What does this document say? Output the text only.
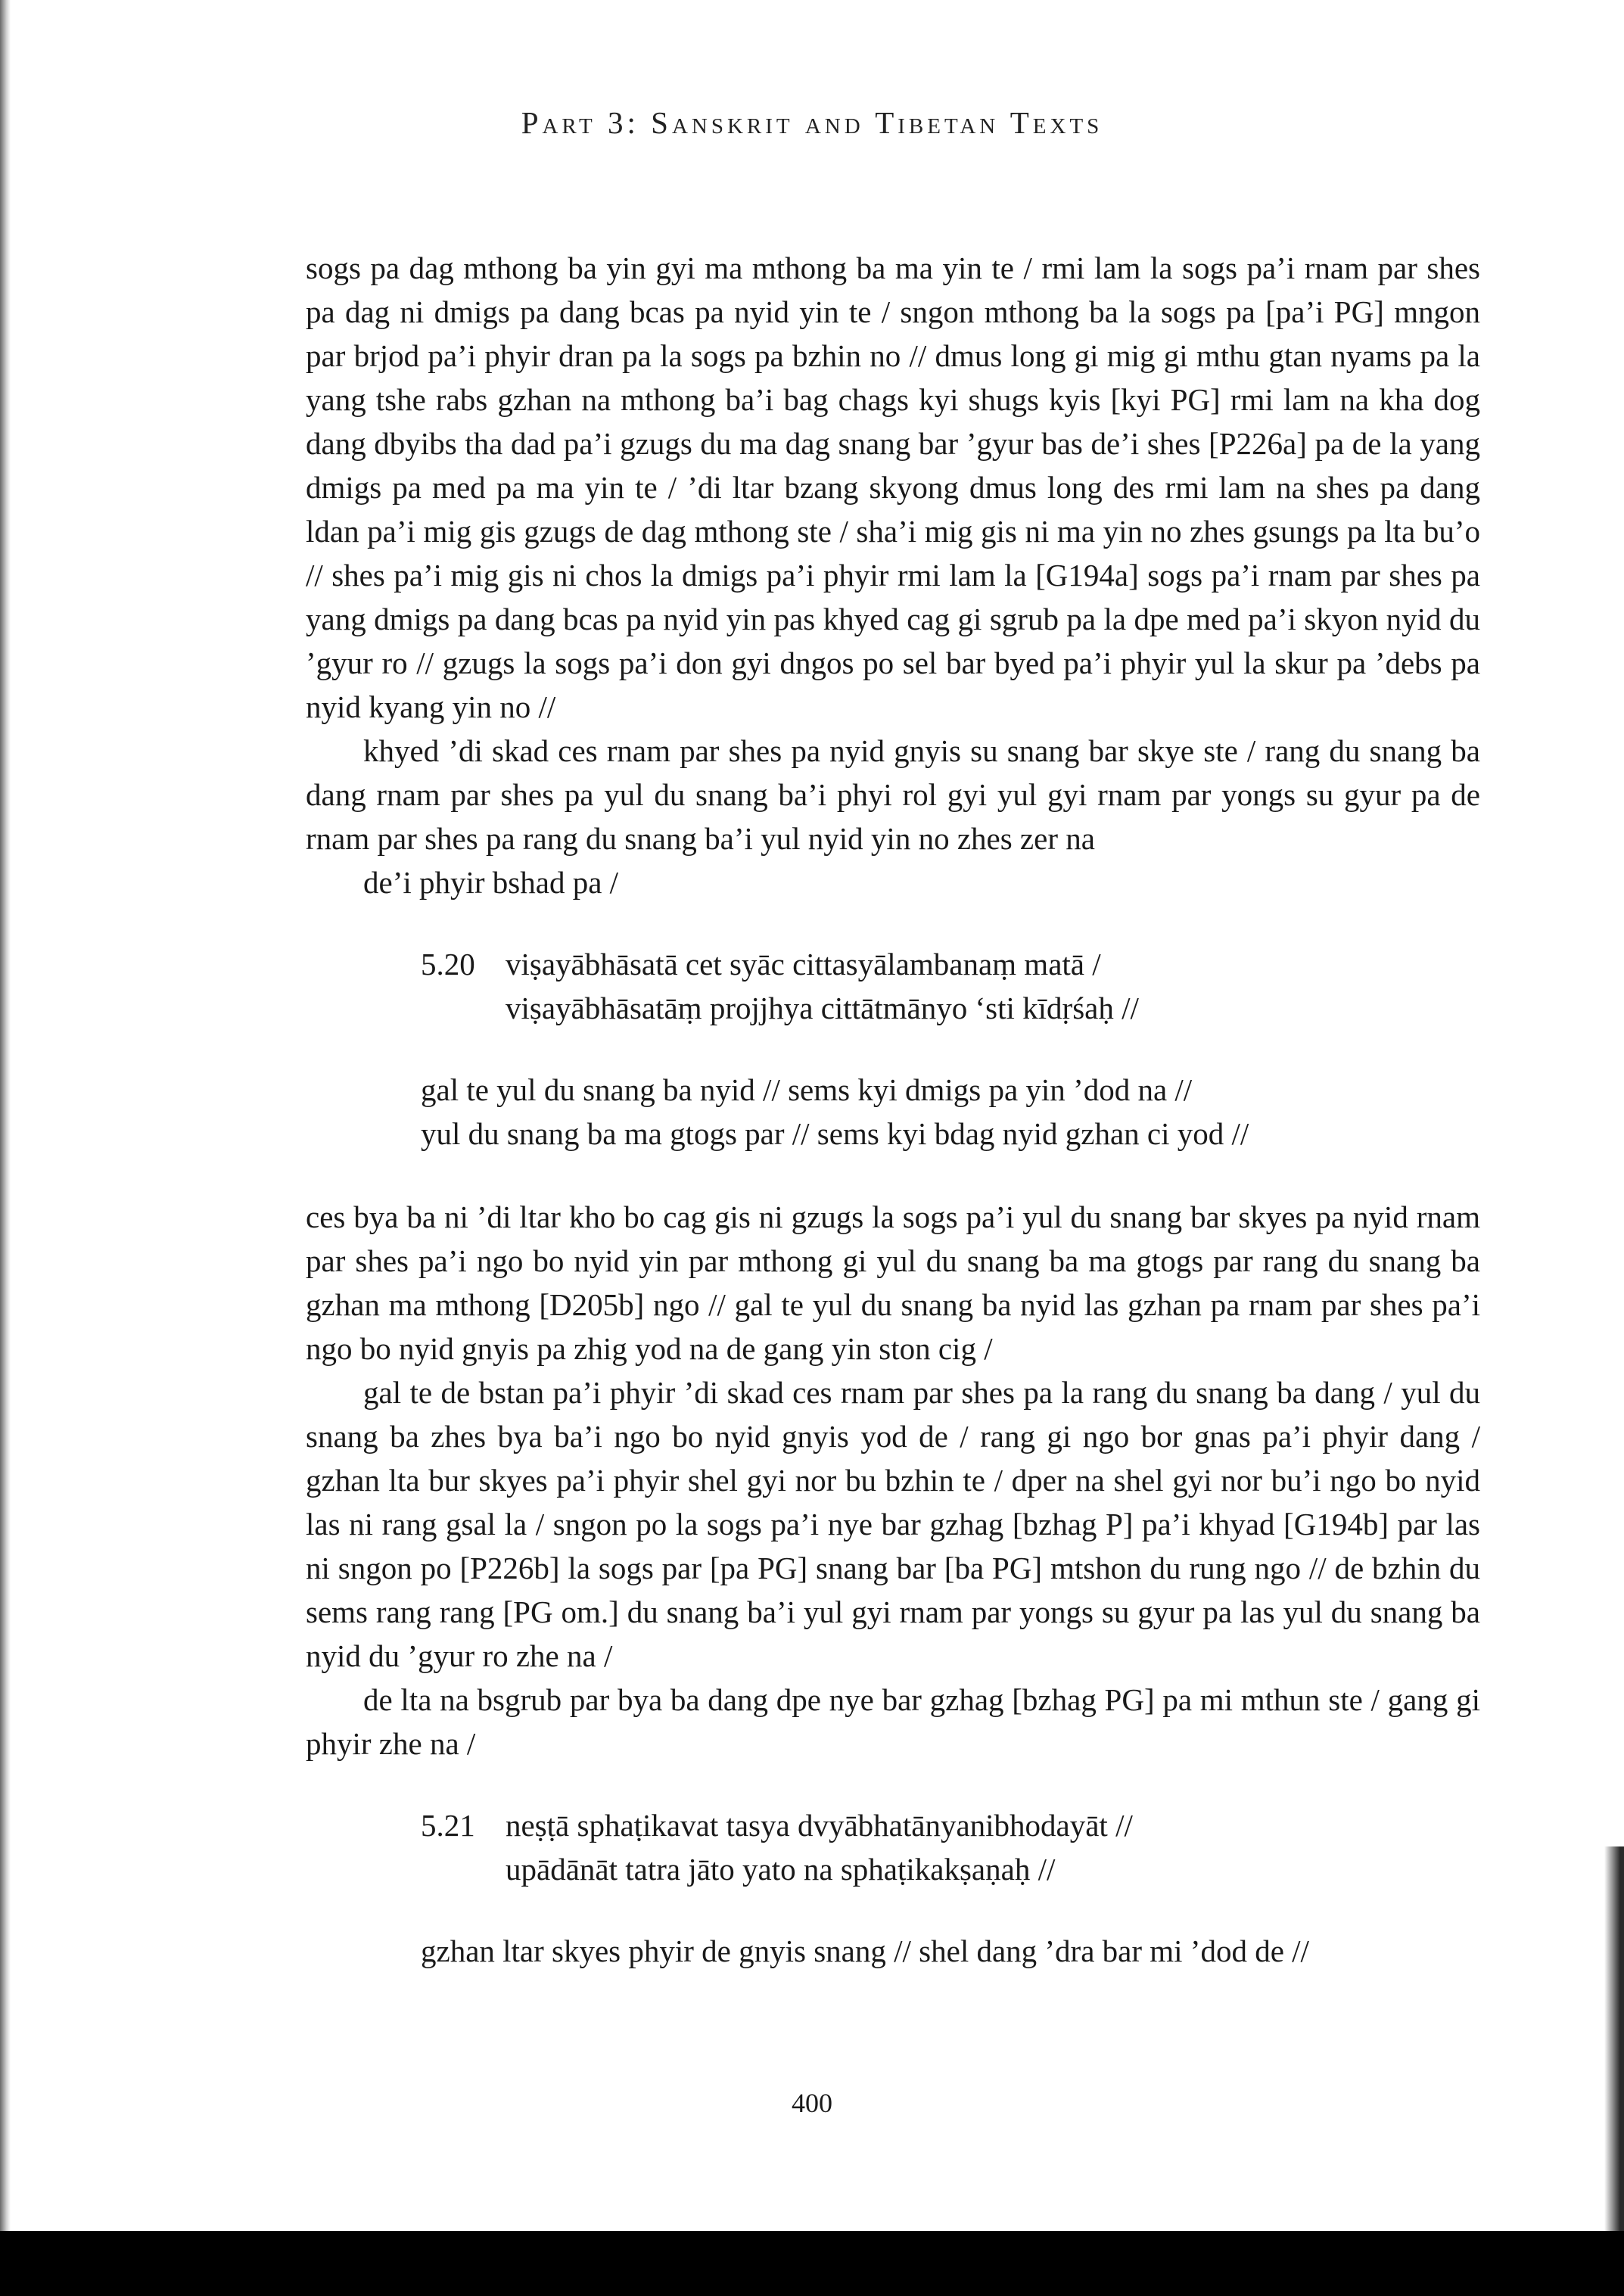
Part 3: Sanskrit and Tibetan Texts

sogs pa dag mthong ba yin gyi ma mthong ba ma yin te / rmi lam la sogs pa’i rnam par shes pa dag ni dmigs pa dang bcas pa nyid yin te / sngon mthong ba la sogs pa [pa’i PG] mngon par brjod pa’i phyir dran pa la sogs pa bzhin no // dmus long gi mig gi mthu gtan nyams pa la yang tshe rabs gzhan na mthong ba’i bag chags kyi shugs kyis [kyi PG] rmi lam na kha dog dang dbyibs tha dad pa’i gzugs du ma dag snang bar ’gyur bas de’i shes [P226a] pa de la yang dmigs pa med pa ma yin te / ’di ltar bzang skyong dmus long des rmi lam na shes pa dang ldan pa’i mig gis gzugs de dag mthong ste / sha’i mig gis ni ma yin no zhes gsungs pa lta bu’o // shes pa’i mig gis ni chos la dmigs pa’i phyir rmi lam la [G194a] sogs pa’i rnam par shes pa yang dmigs pa dang bcas pa nyid yin pas khyed cag gi sgrub pa la dpe med pa’i skyon nyid du ’gyur ro // gzugs la sogs pa’i don gyi dngos po sel bar byed pa’i phyir yul la skur pa ’debs pa nyid kyang yin no //

khyed ’di skad ces rnam par shes pa nyid gnyis su snang bar skye ste / rang du snang ba dang rnam par shes pa yul du snang ba’i phyi rol gyi yul gyi rnam par yongs su gyur pa de rnam par shes pa rang du snang ba’i yul nyid yin no zhes zer na

de’i phyir bshad pa /

5.20 viṣayābhāsatā cet syāc cittasyālambanaṃ matā /
viṣayābhāsatāṃ projjhya cittātmānyo ‘sti kīdṛśaḥ //
gal te yul du snang ba nyid // sems kyi dmigs pa yin ’dod na //
yul du snang ba ma gtogs par // sems kyi bdag nyid gzhan ci yod //

ces bya ba ni ’di ltar kho bo cag gis ni gzugs la sogs pa’i yul du snang bar skyes pa nyid rnam par shes pa’i ngo bo nyid yin par mthong gi yul du snang ba ma gtogs par rang du snang ba gzhan ma mthong [D205b] ngo // gal te yul du snang ba nyid las gzhan pa rnam par shes pa’i ngo bo nyid gnyis pa zhig yod na de gang yin ston cig /

gal te de bstan pa’i phyir ’di skad ces rnam par shes pa la rang du snang ba dang / yul du snang ba zhes bya ba’i ngo bo nyid gnyis yod de / rang gi ngo bor gnas pa’i phyir dang / gzhan lta bur skyes pa’i phyir shel gyi nor bu bzhin te / dper na shel gyi nor bu’i ngo bo nyid las ni rang gsal la / sngon po la sogs pa’i nye bar gzhag [bzhag P] pa’i khyad [G194b] par las ni sngon po [P226b] la sogs par [pa PG] snang bar [ba PG] mtshon du rung ngo // de bzhin du sems rang rang [PG om.] du snang ba’i yul gyi rnam par yongs su gyur pa las yul du snang ba nyid du ’gyur ro zhe na /

de lta na bsgrub par bya ba dang dpe nye bar gzhag [bzhag PG] pa mi mthun ste / gang gi phyir zhe na /

5.21 neṣṭā sphaṭikavat tasya dvyābhatānyanibhodayāt //
upādānāt tatra jāto yato na sphaṭikakṣaṇaḥ //
gzhan ltar skyes phyir de gnyis snang // shel dang ’dra bar mi ’dod de //
400
